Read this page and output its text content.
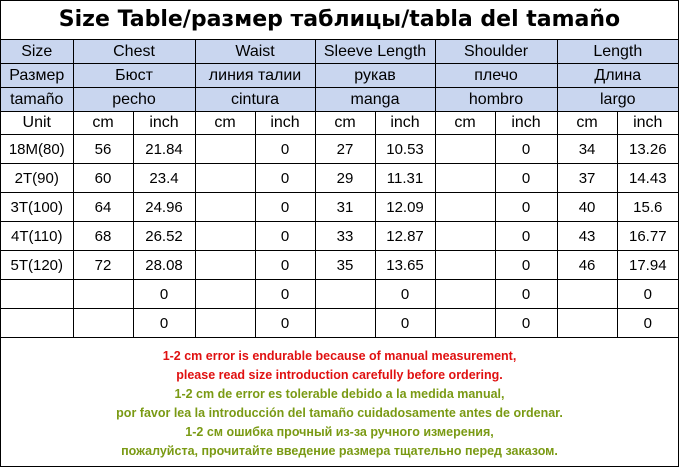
Size Table/размер таблицы/tabla del tamaño
Size	Chest		Waist		Sleeve Length		Shoulder		Length	
Размер	Бюст		линия талии		рукав		плечо		Длина	
tamaño	pecho		cintura		manga		hombro		largo	
Unit	cm	inch	cm	inch	cm	inch	cm	inch	cm	inch
18M(80)	56	21.84		0	27	10.53		0	34	13.26
2T(90)	60	23.4		0	29	11.31		0	37	14.43
3T(100)	64	24.96		0	31	12.09		0	40	15.6
4T(110)	68	26.52		0	33	12.87		0	43	16.77
5T(120)	72	28.08		0	35	13.65		0	46	17.94
		0		0		0		0		0
		0		0		0		0		0
1-2 cm error is endurable because of manual measurement,
please read size introduction carefully before ordering.
1-2 cm de error es tolerable debido a la medida manual,
por favor lea la introducción del tamaño cuidadosamente antes de ordenar.
1-2 см ошибка прочный из-за ручного измерения,
пожалуйста, прочитайте введение размера тщательно перед заказом.
